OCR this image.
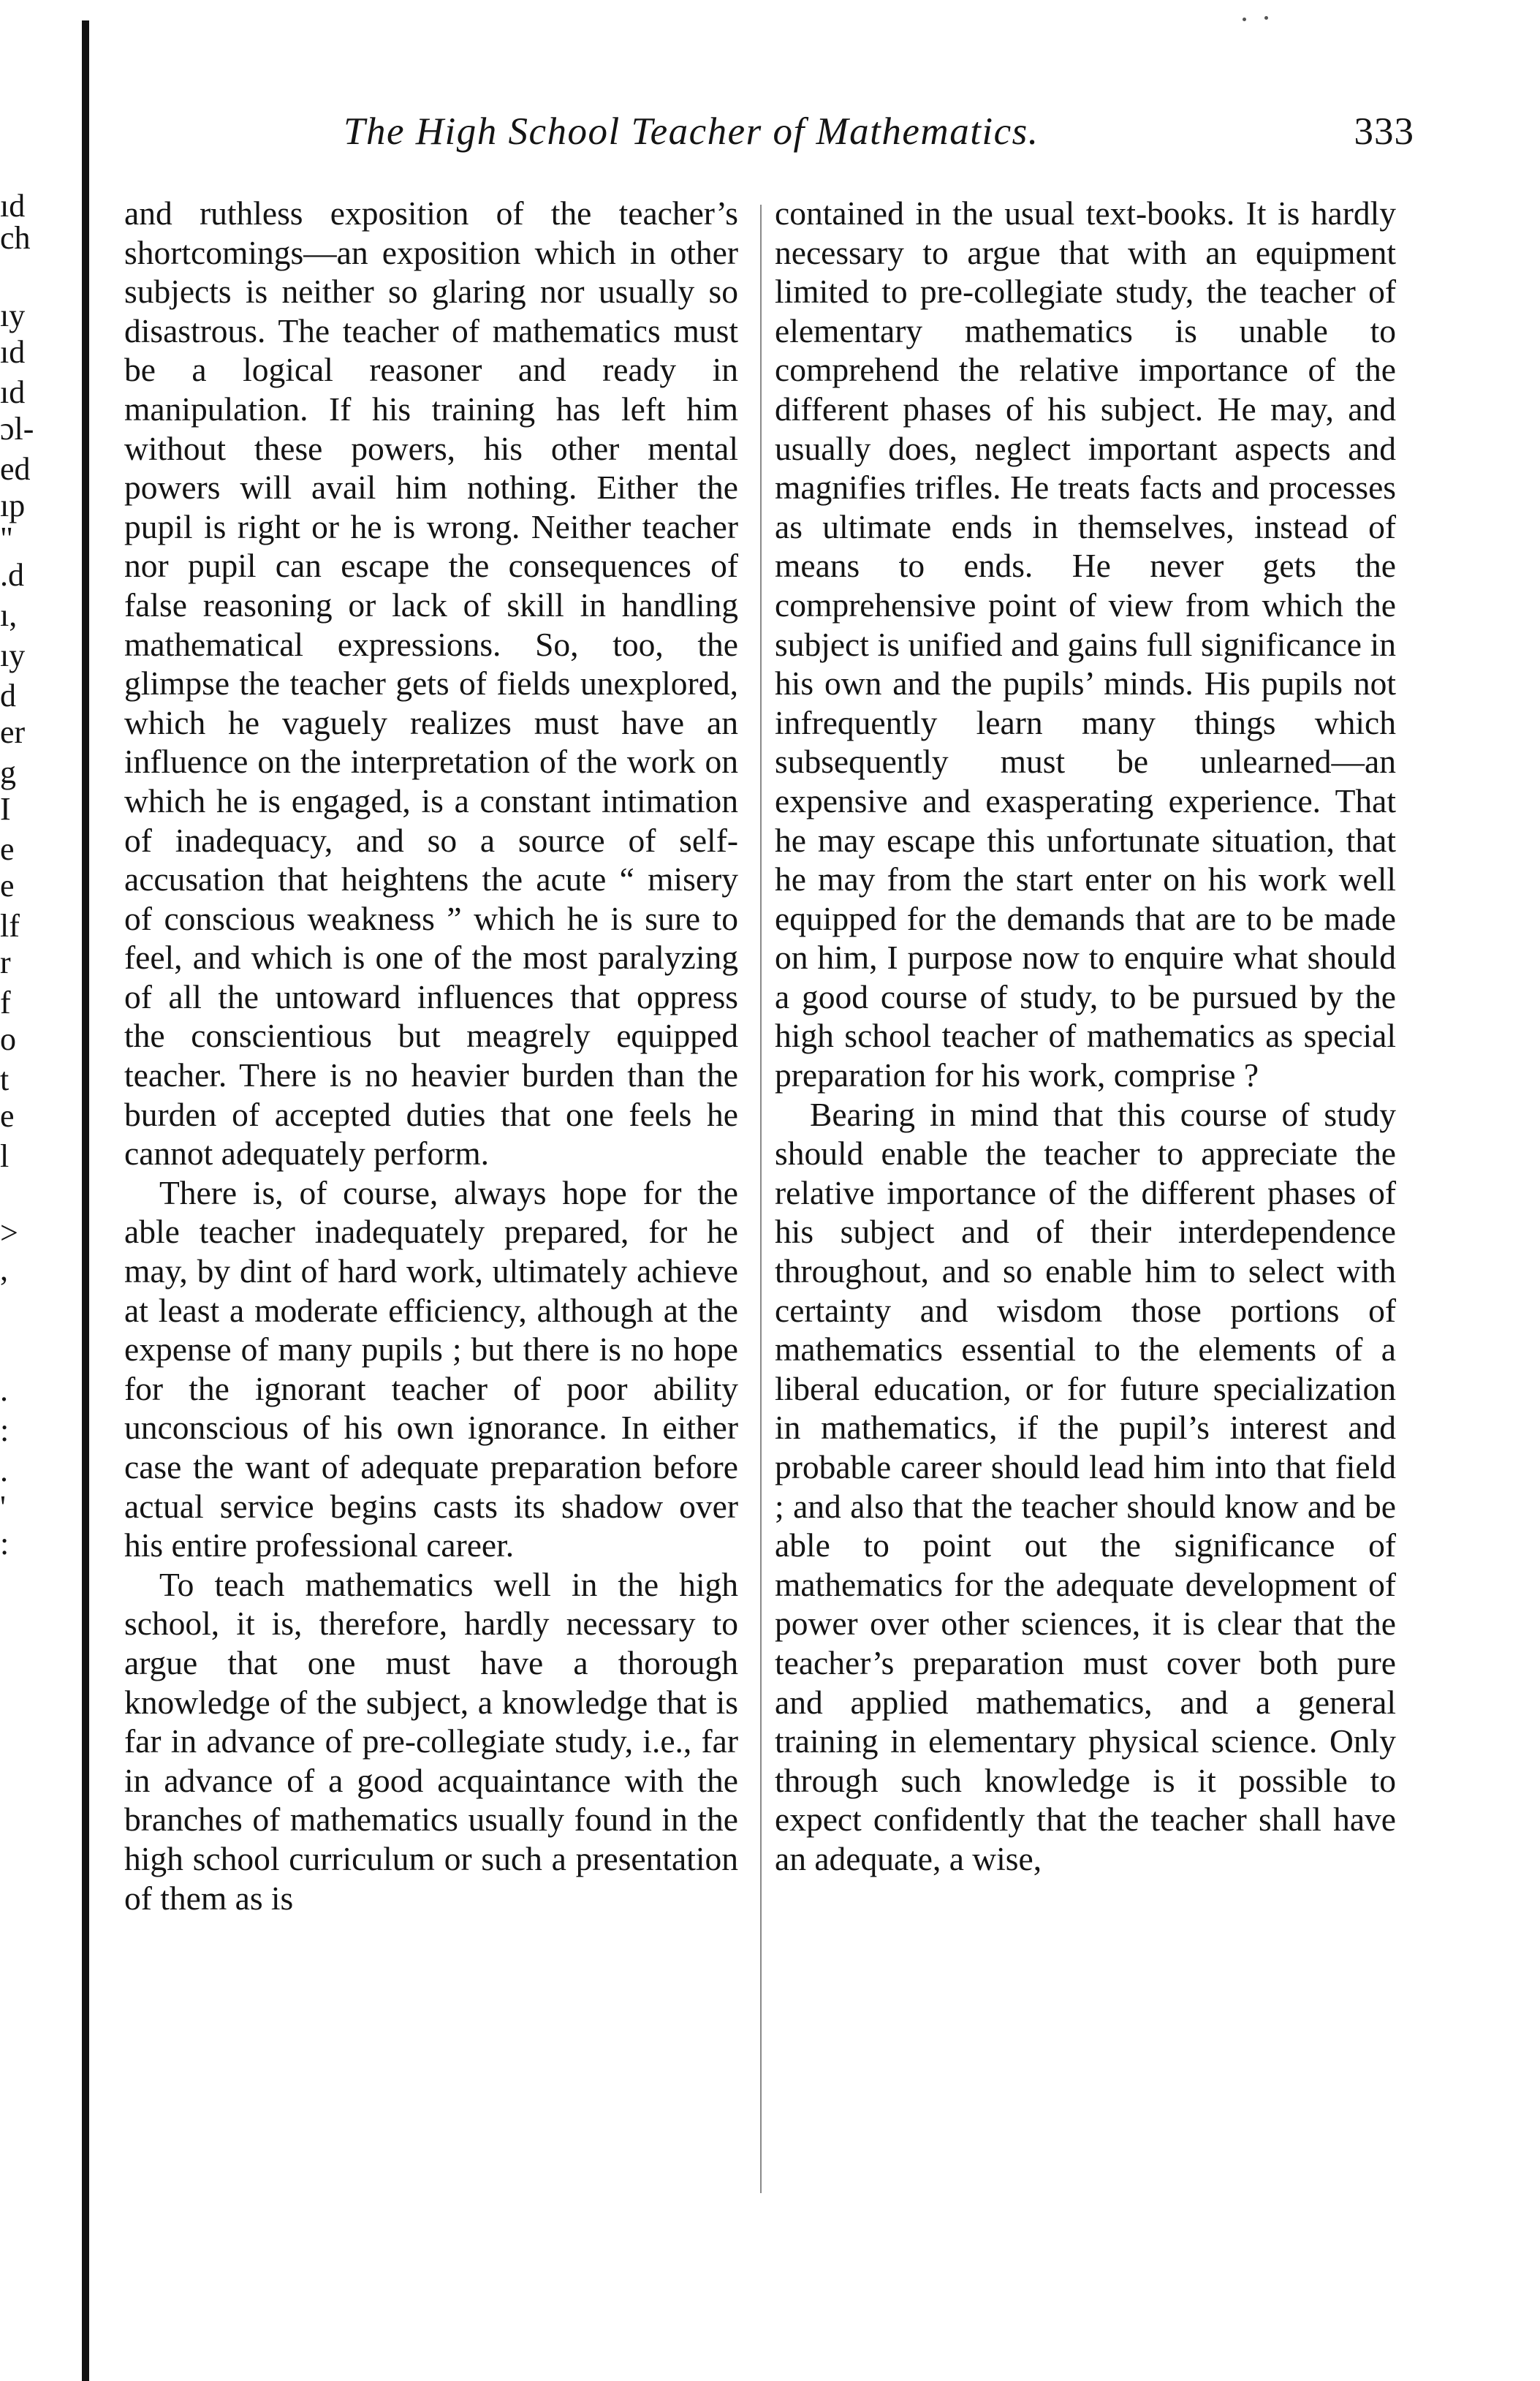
ıd
ch
ıy
ıd
ıd
ɔl-
ed
ıp
"
.d
ı,
ıy
d
er
g
I
e
e
lf
r
f
o
t
e
l
>
,
.
:
.
'
:
The High School Teacher of Mathematics.	333

and ruthless exposition of the teacher’s shortcomings—an exposition which in other subjects is neither so glaring nor usually so disastrous. The teacher of mathematics must be a logical reasoner and ready in manipulation. If his training has left him without these powers, his other mental powers will avail him nothing. Either the pupil is right or he is wrong. Neither teacher nor pupil can escape the consequences of false reasoning or lack of skill in handling mathematical expressions. So, too, the glimpse the teacher gets of fields unexplored, which he vaguely realizes must have an influence on the interpretation of the work on which he is engaged, is a constant intimation of inadequacy, and so a source of self-accusation that heightens the acute “ misery of conscious weakness ” which he is sure to feel, and which is one of the most paralyzing of all the untoward influences that oppress the conscientious but meagrely equipped teacher. There is no heavier burden than the burden of accepted duties that one feels he cannot adequately perform.

There is, of course, always hope for the able teacher inadequately prepared, for he may, by dint of hard work, ultimately achieve at least a moderate efficiency, although at the expense of many pupils ; but there is no hope for the ignorant teacher of poor ability unconscious of his own ignorance. In either case the want of adequate preparation before actual service begins casts its shadow over his entire professional career.

To teach mathematics well in the high school, it is, therefore, hardly necessary to argue that one must have a thorough knowledge of the subject, a knowledge that is far in advance of pre-collegiate study, i.e., far in advance of a good acquaintance with the branches of mathematics usually found in the high school curriculum or such a presentation of them as is

contained in the usual text-books. It is hardly necessary to argue that with an equipment limited to pre-collegiate study, the teacher of elementary mathematics is unable to comprehend the relative importance of the different phases of his subject. He may, and usually does, neglect important aspects and magnifies trifles. He treats facts and processes as ultimate ends in themselves, instead of means to ends. He never gets the comprehensive point of view from which the subject is unified and gains full significance in his own and the pupils’ minds. His pupils not infrequently learn many things which subsequently must be unlearned—an expensive and exasperating experience. That he may escape this unfortunate situation, that he may from the start enter on his work well equipped for the demands that are to be made on him, I purpose now to enquire what should a good course of study, to be pursued by the high school teacher of mathematics as special preparation for his work, comprise ?

Bearing in mind that this course of study should enable the teacher to appreciate the relative importance of the different phases of his subject and of their interdependence throughout, and so enable him to select with certainty and wisdom those portions of mathematics essential to the elements of a liberal education, or for future specialization in mathematics, if the pupil’s interest and probable career should lead him into that field ; and also that the teacher should know and be able to point out the significance of mathematics for the adequate development of power over other sciences, it is clear that the teacher’s preparation must cover both pure and applied mathematics, and a general training in elementary physical science. Only through such knowledge is it possible to expect confidently that the teacher shall have an adequate, a wise,
